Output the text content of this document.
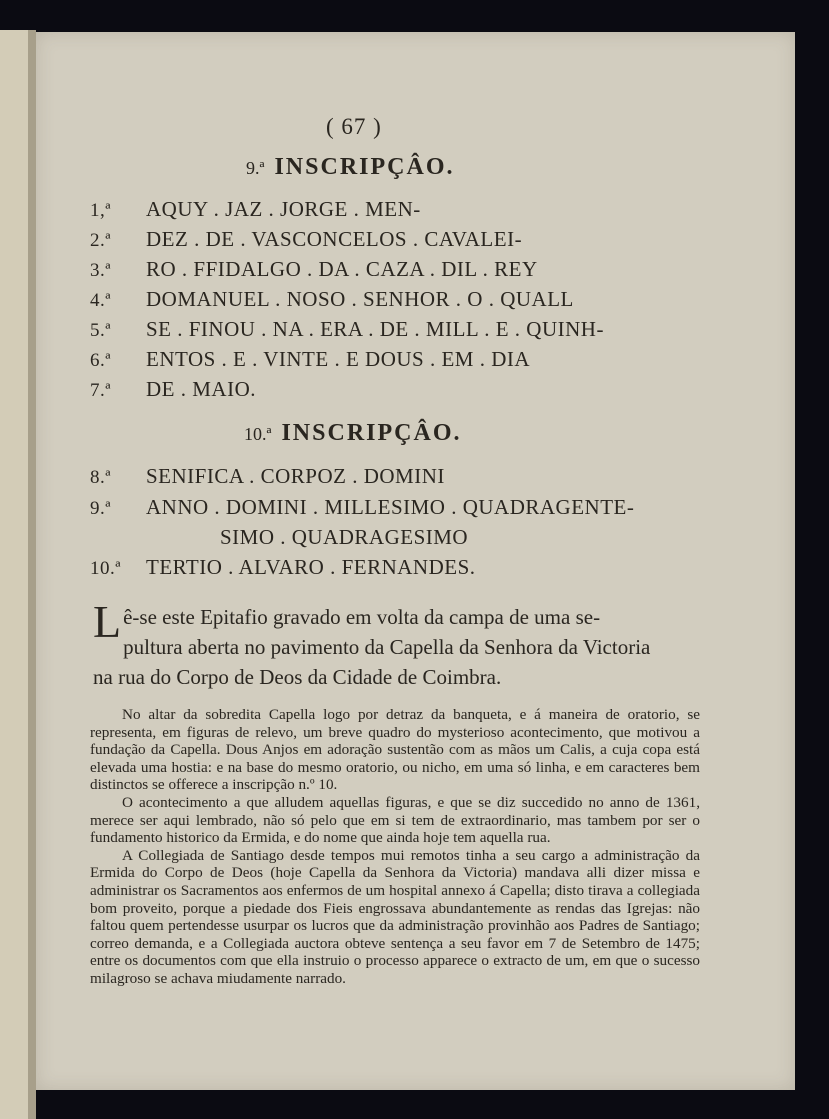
( 67 )
9.ª INSCRIPÇÂO.
1,ª AQUY . JAZ . JORGE . MEN-
2.ª DEZ . DE . VASCONCELOS . CAVALEI-
3.ª RO . FFIDALGO . DA . CAZA . DIL . REY
4.ª DOMANUEL . NOSO . SENHOR . O . QUALL
5.ª SE . FINOU . NA . ERA . DE . MILL . E . QUINH-
6.ª ENTOS . E . VINTE . E DOUS . EM . DIA
7.ª DE . MAIO.
10.ª INSCRIPÇÂO.
8.ª SENIFICA . CORPOZ . DOMINI
9.ª ANNO . DOMINI . MILLESIMO . QUADRAGENTE-
SIMO . QUADRAGESIMO
10.ª TERTIO . ALVARO . FERNANDES.
L ê-se este Epitafio gravado em volta da campa de uma se-
pultura aberta no pavimento da Capella da Senhora da Victoria
na rua do Corpo de Deos da Cidade de Coimbra.

No altar da sobredita Capella logo por detraz da banqueta, e á maneira de oratorio, se representa, em figuras de relevo, um breve quadro do mysterioso acontecimento, que motivou a fundação da Capella. Dous Anjos em adoração sustentão com as mãos um Calis, a cuja copa está elevada uma hostia: e na base do mesmo oratorio, ou nicho, em uma só linha, e em caracteres bem distinctos se offerece a inscripção n.º 10.

O acontecimento a que alludem aquellas figuras, e que se diz succedido no anno de 1361, merece ser aqui lembrado, não só pelo que em si tem de extraordinario, mas tambem por ser o fundamento historico da Ermida, e do nome que ainda hoje tem aquella rua.

A Collegiada de Santiago desde tempos mui remotos tinha a seu cargo a administração da Ermida do Corpo de Deos (hoje Capella da Senhora da Victoria) mandava alli dizer missa e administrar os Sacramentos aos enfermos de um hospital annexo á Capella; disto tirava a collegiada bom proveito, porque a piedade dos Fieis engrossava abundantemente as rendas das Igrejas: não faltou quem pertendesse usurpar os lucros que da administração provinhão aos Padres de Santiago; correo demanda, e a Collegiada auctora obteve sentença a seu favor em 7 de Setembro de 1475; entre os documentos com que ella instruio o processo apparece o extracto de um, em que o sucesso milagroso se achava miudamente narrado.
